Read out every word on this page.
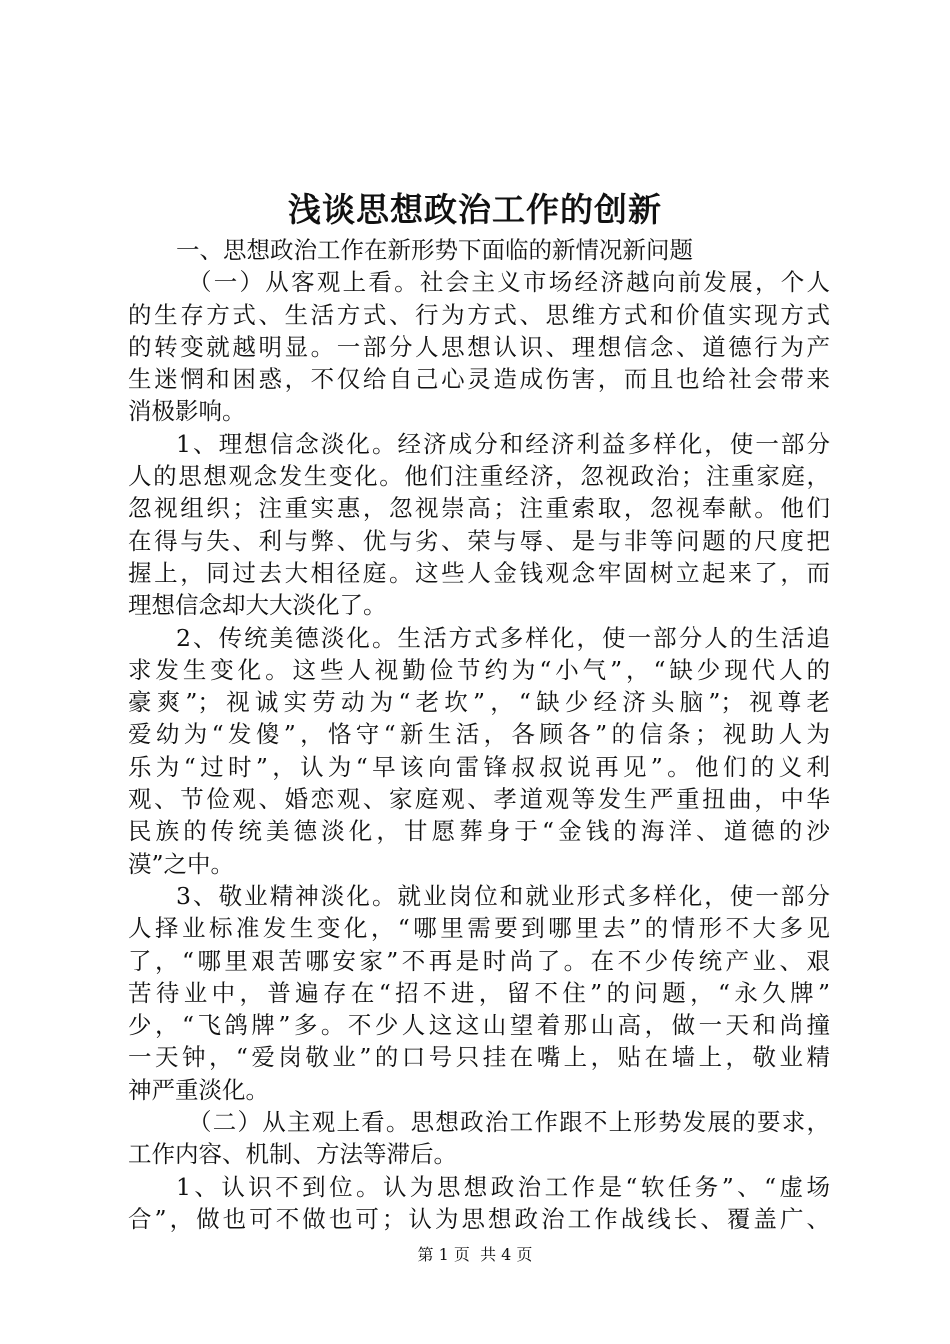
浅谈思想政治工作的创新
一、思想政治工作在新形势下面临的新情况新问题
（一）从客观上看。社会主义市场经济越向前发展，个人
的生存方式、生活方式、行为方式、思维方式和价值实现方式
的转变就越明显。一部分人思想认识、理想信念、道德行为产
生迷惘和困惑，不仅给自己心灵造成伤害，而且也给社会带来
消极影响。
1、理想信念淡化。经济成分和经济利益多样化，使一部分
人的思想观念发生变化。他们注重经济，忽视政治；注重家庭，
忽视组织；注重实惠，忽视崇高；注重索取，忽视奉献。他们
在得与失、利与弊、优与劣、荣与辱、是与非等问题的尺度把
握上，同过去大相径庭。这些人金钱观念牢固树立起来了，而
理想信念却大大淡化了。
2、传统美德淡化。生活方式多样化，使一部分人的生活追
求发生变化。这些人视勤俭节约为“小气”，“缺少现代人的
豪爽”；视诚实劳动为“老坎”，“缺少经济头脑”；视尊老
爱幼为“发傻”，恪守“新生活，各顾各”的信条；视助人为
乐为“过时”，认为“早该向雷锋叔叔说再见”。他们的义利
观、节俭观、婚恋观、家庭观、孝道观等发生严重扭曲，中华
民族的传统美德淡化，甘愿葬身于“金钱的海洋、道德的沙
漠”之中。
3、敬业精神淡化。就业岗位和就业形式多样化，使一部分
人择业标准发生变化，“哪里需要到哪里去”的情形不大多见
了，“哪里艰苦哪安家”不再是时尚了。在不少传统产业、艰
苦待业中，普遍存在“招不进，留不住”的问题，“永久牌”
少，“飞鸽牌”多。不少人这这山望着那山高，做一天和尚撞
一天钟，“爱岗敬业”的口号只挂在嘴上，贴在墙上，敬业精
神严重淡化。
（二）从主观上看。思想政治工作跟不上形势发展的要求，
工作内容、机制、方法等滞后。
1、认识不到位。认为思想政治工作是“软任务”、“虚场
合”，做也可不做也可；认为思想政治工作战线长、覆盖广、
第 1 页  共 4 页
